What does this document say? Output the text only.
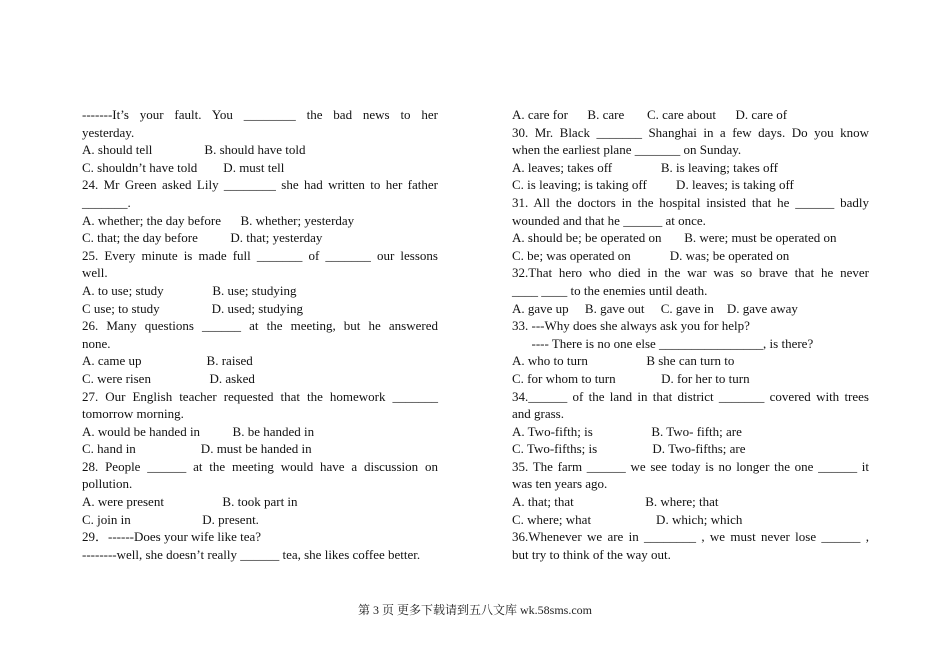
-------It’s your fault. You ________ the bad news to her
yesterday.
A. should tell                B. should have told
C. shouldn’t have told        D. must tell
24. Mr Green asked Lily ________ she had written to her father
_______.
A. whether; the day before      B. whether; yesterday
C. that; the day before          D. that; yesterday
25. Every minute is made full _______ of _______ our lessons
well.
A. to use; study               B. use; studying
C use; to study                D. used; studying
26. Many questions ______ at the meeting, but he answered
none.
A. came up                    B. raised
C. were risen                  D. asked
27. Our English teacher requested that the homework _______
tomorrow morning.
A. would be handed in          B. be handed in
C. hand in                    D. must be handed in
28. People ______ at the meeting would have a discussion on
pollution.
A. were present                  B. took part in
C. join in                      D. present.
29．------Does your wife like tea?
--------well, she doesn’t really ______ tea, she likes coffee better.
A. care for      B. care       C. care about      D. care of
30. Mr. Black _______ Shanghai in a few days. Do you know
when the earliest plane _______ on Sunday.
A. leaves; takes off               B. is leaving; takes off
C. is leaving; is taking off         D. leaves; is taking off
31. All the doctors in the hospital insisted that he ______ badly
wounded and that he ______ at once.
A. should be; be operated on       B. were; must be operated on
C. be; was operated on            D. was; be operated on
32.That hero who died in the war was so brave that he never
____ ____ to the enemies until death.
A. gave up     B. gave out     C. gave in    D. gave away
33. ---Why does she always ask you for help?
---- There is no one else ________________, is there?
A. who to turn                  B she can turn to
C. for whom to turn              D. for her to turn
34.______ of the land in that district _______ covered with trees
and grass.
A. Two-fifth; is                  B. Two- fifth; are
C. Two-fifths; is                 D. Two-fifths; are
35. The farm ______ we see today is no longer the one ______ it
was ten years ago.
A. that; that                      B. where; that
C. where; what                    D. which; which
36.Whenever we are in ________ , we must never lose ______ ,
but try to think of the way out.
第 3 页 更多下载请到五八文库 wk.58sms.com
